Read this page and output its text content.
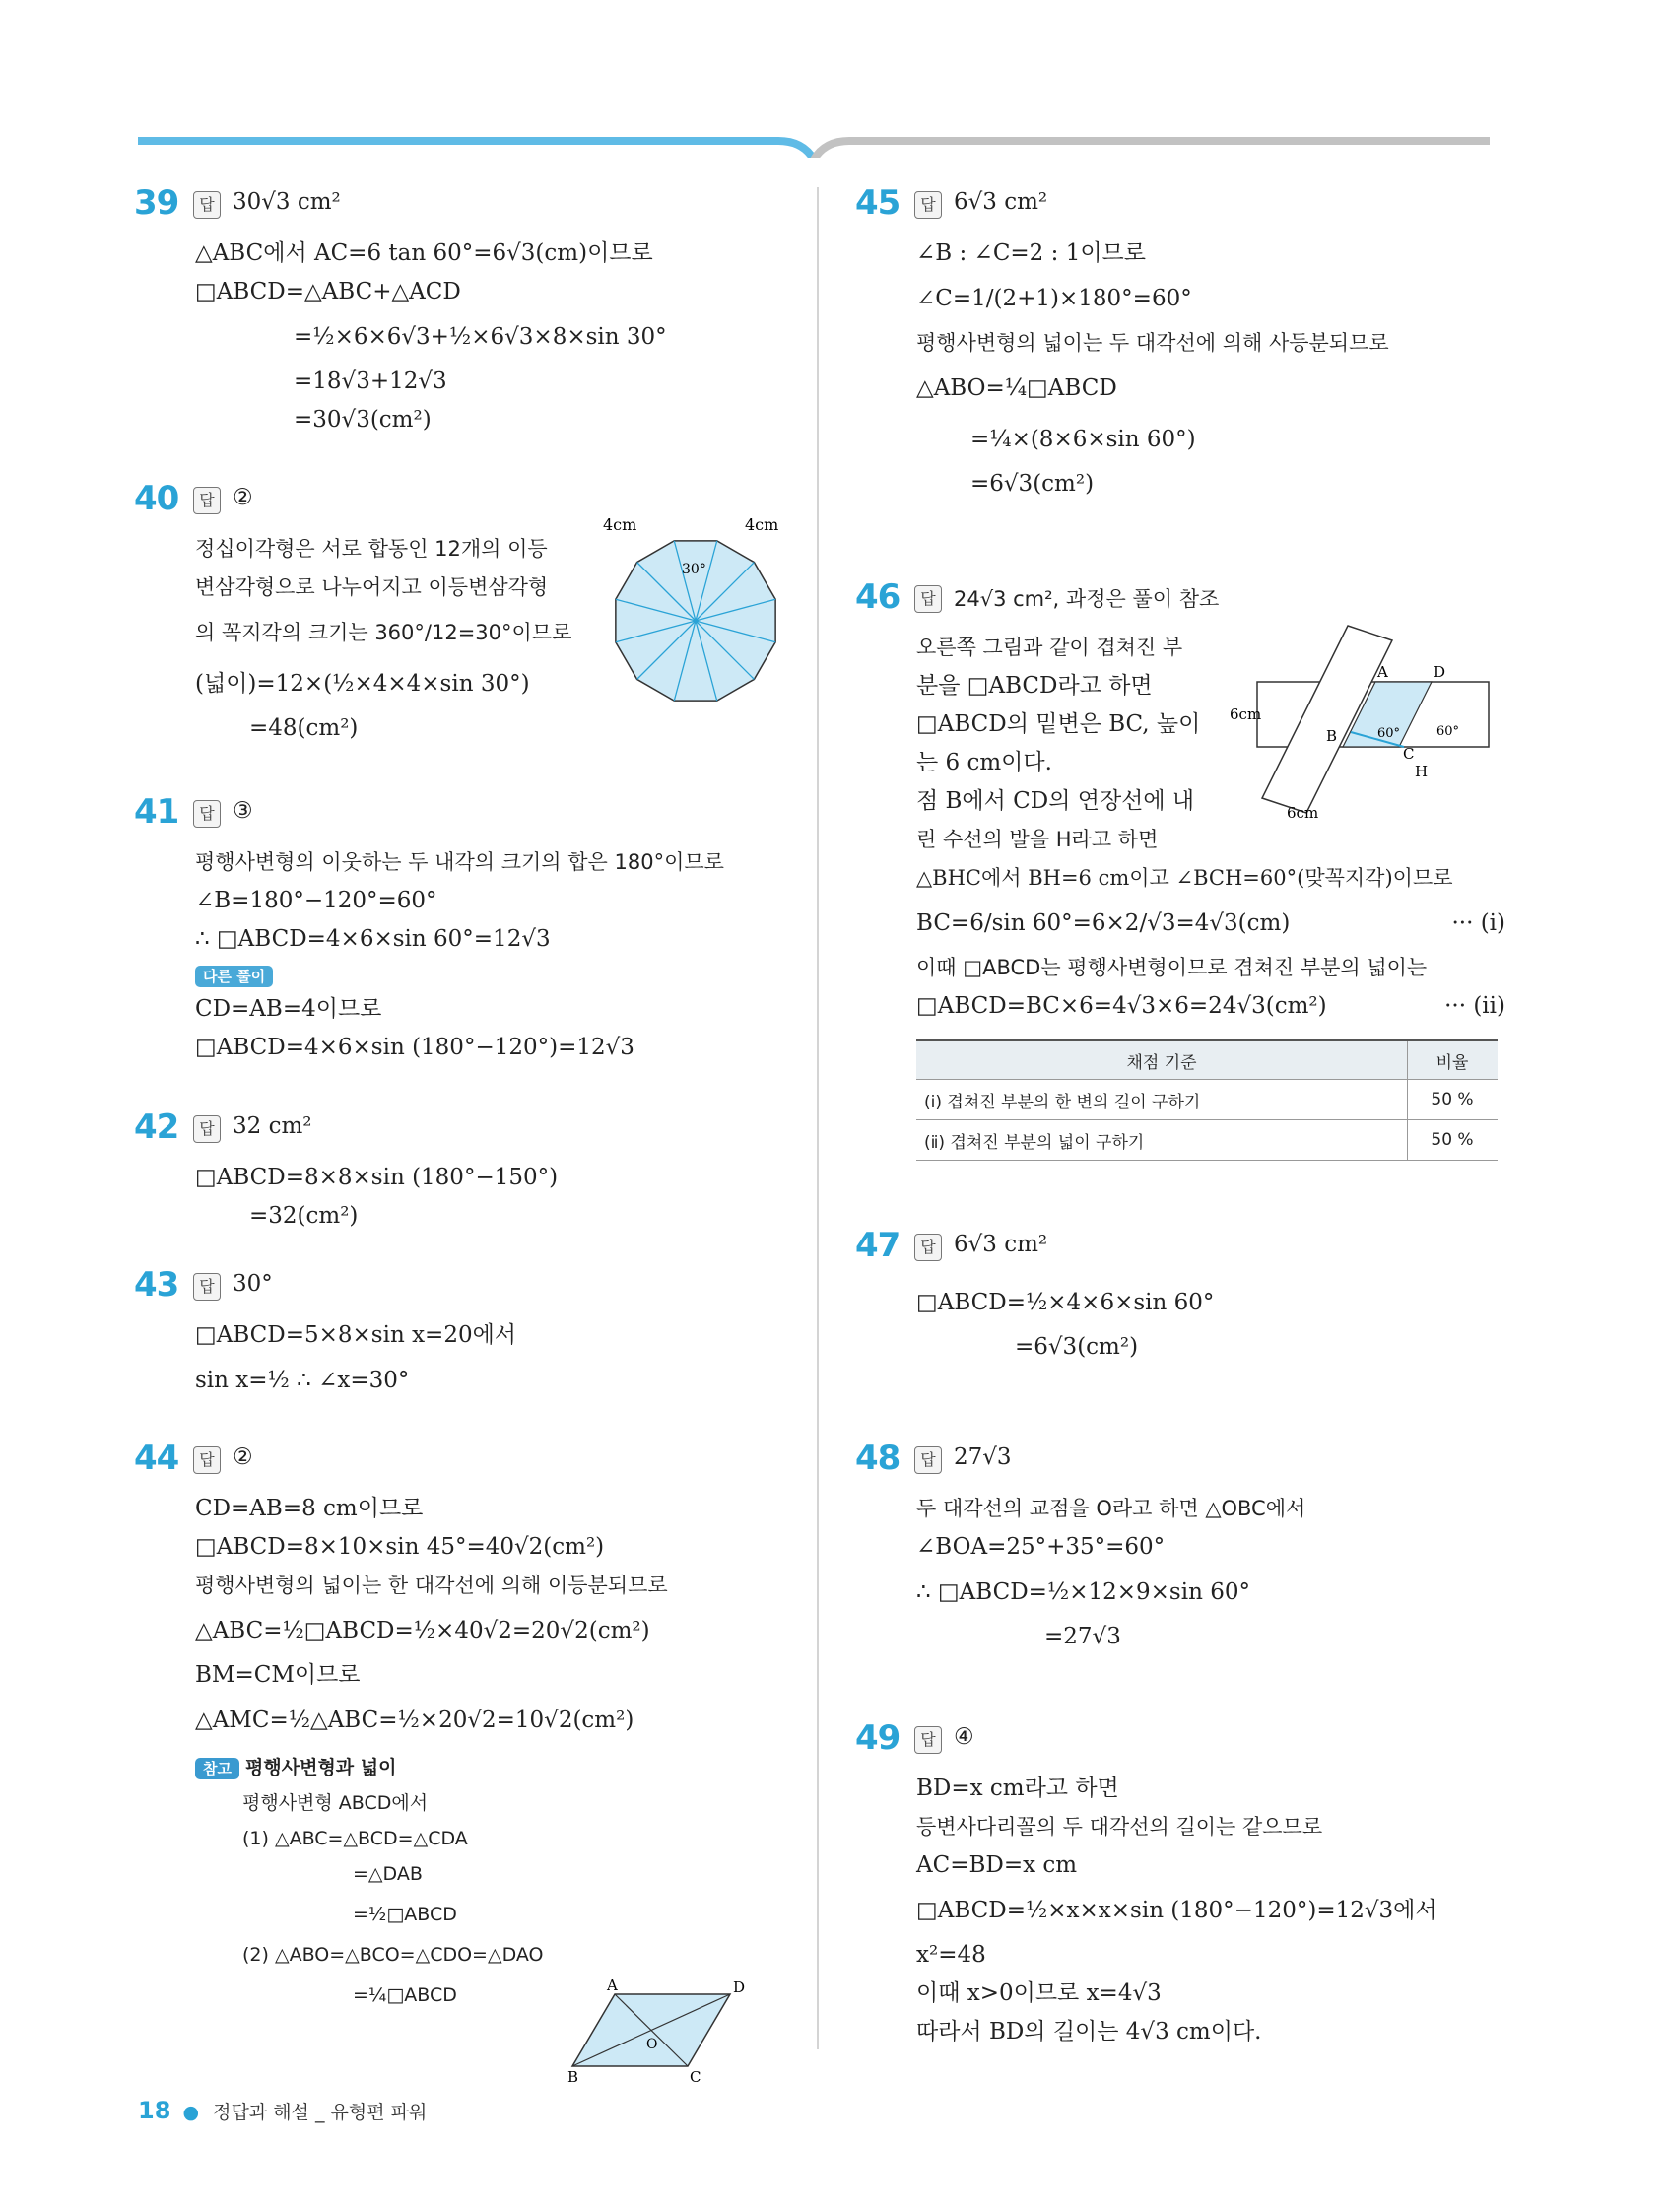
39	답 30√3 cm²
△ABC에서 AC=6 tan 60°=6√3(cm)이므로
□ABCD=△ABC+△ACD
=½×6×6√3+½×6√3×8×sin 30°
=18√3+12√3
=30√3(cm²)
40	답 ②
정십이각형은 서로 합동인 12개의 이등
변삼각형으로 나누어지고 이등변삼각형
의 꼭지각의 크기는 360°/12=30°이므로
(넓이)=12×(½×4×4×sin 30°)
=48(cm²)
4cm	4cm
30°
41	답 ③
평행사변형의 이웃하는 두 내각의 크기의 합은 180°이므로
∠B=180°−120°=60°
∴ □ABCD=4×6×sin 60°=12√3
다른 풀이
CD=AB=4이므로
□ABCD=4×6×sin (180°−120°)=12√3
42	답 32 cm²
□ABCD=8×8×sin (180°−150°)
=32(cm²)
43	답 30°
□ABCD=5×8×sin x=20에서
sin x=½ ∴ ∠x=30°
44	답 ②
CD=AB=8 cm이므로
□ABCD=8×10×sin 45°=40√2(cm²)
평행사변형의 넓이는 한 대각선에 의해 이등분되므로
△ABC=½□ABCD=½×40√2=20√2(cm²)
BM=CM이므로
△AMC=½△ABC=½×20√2=10√2(cm²)
참고 평행사변형과 넓이
평행사변형 ABCD에서
(1) △ABC=△BCD=△CDA
=△DAB
=½□ABCD
(2) △ABO=△BCO=△CDO=△DAO
=¼□ABCD	A	D
B	C
O
45	답 6√3 cm²
∠B : ∠C=2 : 1이므로
∠C=1/(2+1)×180°=60°
평행사변형의 넓이는 두 대각선에 의해 사등분되므로
△ABO=¼□ABCD
=¼×(8×6×sin 60°)
=6√3(cm²)
46	답 24√3 cm², 과정은 풀이 참조
오른쪽 그림과 같이 겹쳐진 부
분을 □ABCD라고 하면
□ABCD의 밑변은 BC, 높이
는 6 cm이다.
점 B에서 CD의 연장선에 내
린 수선의 발을 H라고 하면
△BHC에서 BH=6 cm이고 ∠BCH=60°(맞꼭지각)이므로
BC=6/sin 60°=6×2/√3=4√3(cm)	··· (ⅰ)
이때 □ABCD는 평행사변형이므로 겹쳐진 부분의 넓이는
□ABCD=BC×6=4√3×6=24√3(cm²)	··· (ⅱ)
채점 기준	비율
(ⅰ) 겹쳐진 부분의 한 변의 길이 구하기	50 %
(ⅱ) 겹쳐진 부분의 넓이 구하기	50 %
A	D
B
C
H
6cm
6cm
60°	60°
47	답 6√3 cm²
□ABCD=½×4×6×sin 60°
=6√3(cm²)
48	답 27√3
두 대각선의 교점을 O라고 하면 △OBC에서
∠BOA=25°+35°=60°
∴ □ABCD=½×12×9×sin 60°
=27√3
49	답 ④
BD=x cm라고 하면
등변사다리꼴의 두 대각선의 길이는 같으므로
AC=BD=x cm
□ABCD=½×x×x×sin (180°−120°)=12√3에서
x²=48
이때 x>0이므로 x=4√3
따라서 BD의 길이는 4√3 cm이다.
18 ● 정답과 해설 _ 유형편 파워
